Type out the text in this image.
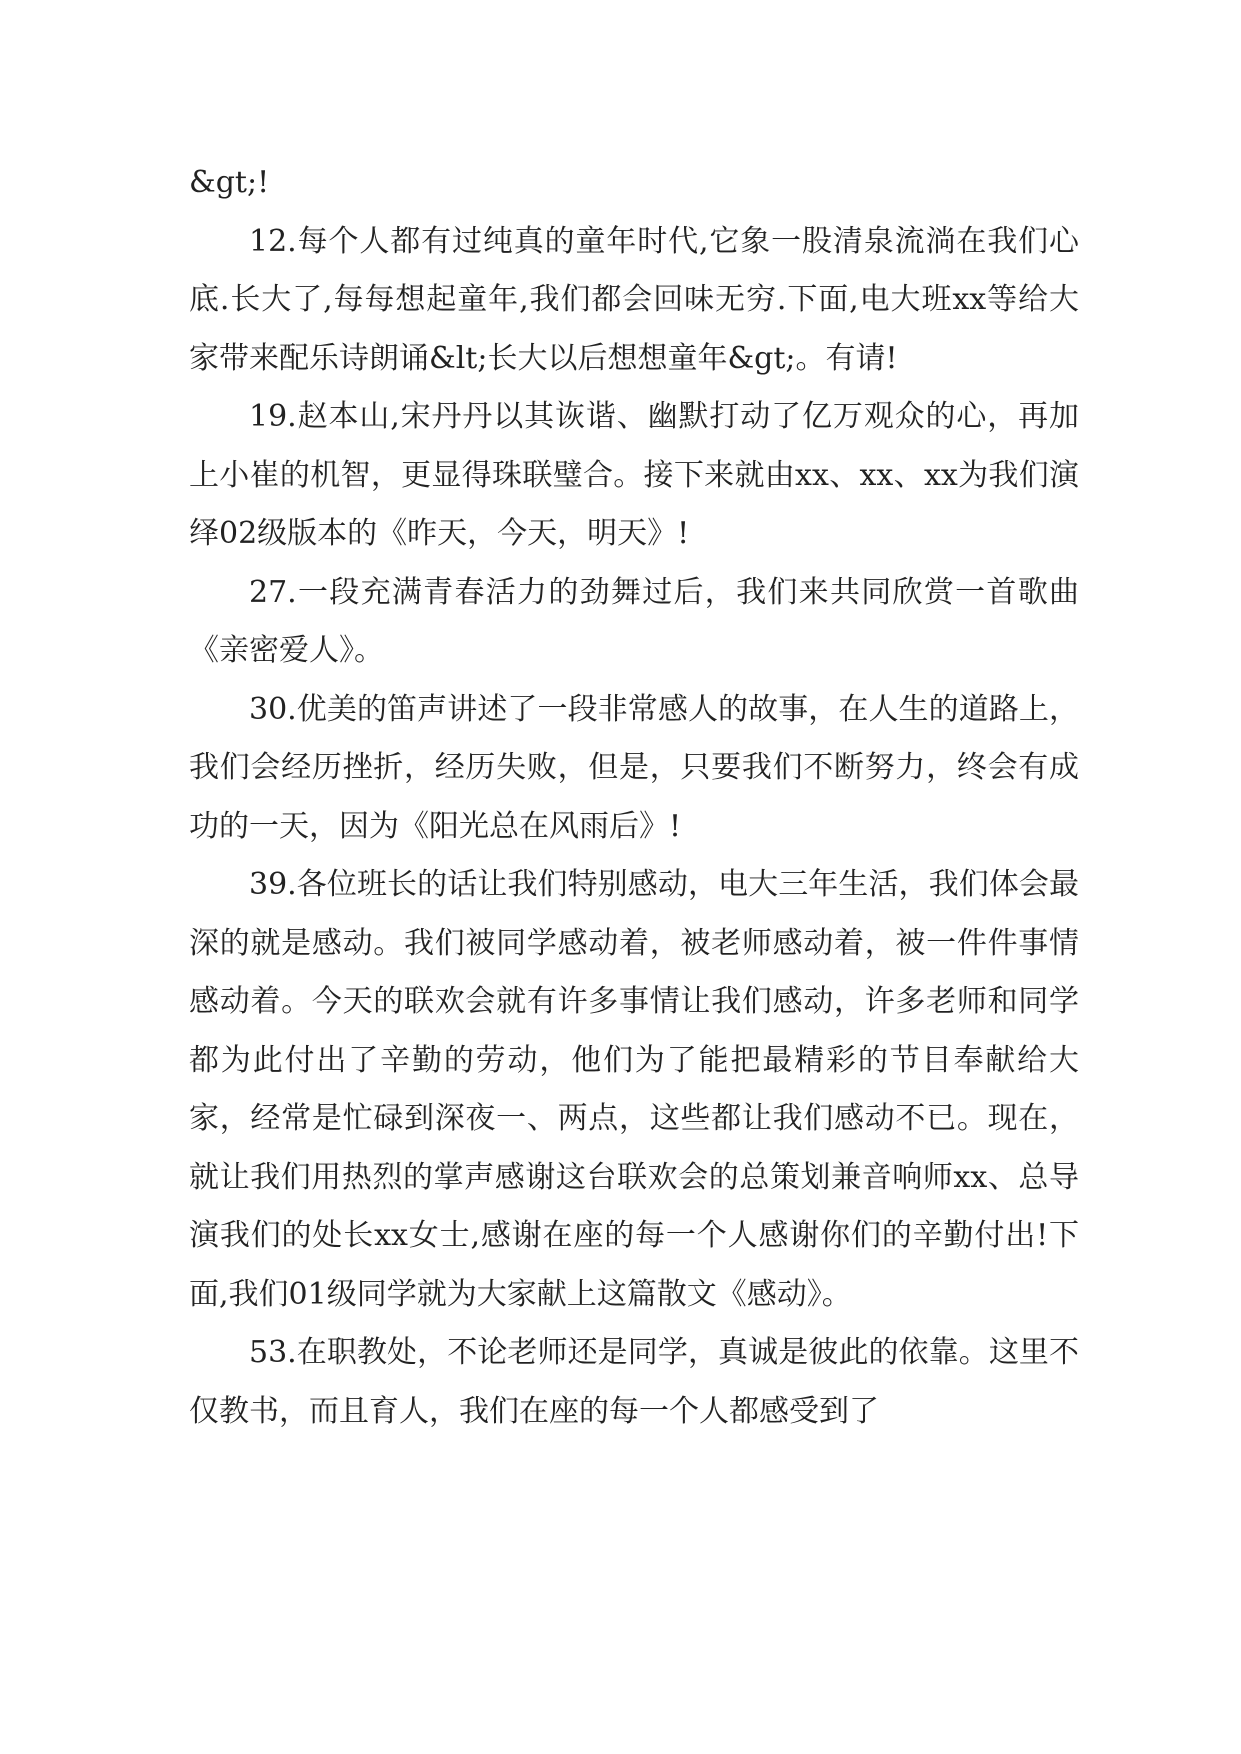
&gt;!

12.每个人都有过纯真的童年时代,它象一股清泉流淌在我们心底.长大了,每每想起童年,我们都会回味无穷.下面,电大班xx等给大家带来配乐诗朗诵&lt;长大以后想想童年&gt;。有请!

19.赵本山,宋丹丹以其诙谐、幽默打动了亿万观众的心，再加上小崔的机智，更显得珠联璧合。接下来就由xx、xx、xx为我们演绎02级版本的《昨天，今天，明天》!

27.一段充满青春活力的劲舞过后，我们来共同欣赏一首歌曲《亲密爱人》。

30.优美的笛声讲述了一段非常感人的故事，在人生的道路上，我们会经历挫折，经历失败，但是，只要我们不断努力，终会有成功的一天，因为《阳光总在风雨后》!

39.各位班长的话让我们特别感动，电大三年生活，我们体会最深的就是感动。我们被同学感动着，被老师感动着，被一件件事情感动着。今天的联欢会就有许多事情让我们感动，许多老师和同学都为此付出了辛勤的劳动，他们为了能把最精彩的节目奉献给大家，经常是忙碌到深夜一、两点，这些都让我们感动不已。现在，就让我们用热烈的掌声感谢这台联欢会的总策划兼音响师xx、总导演我们的处长xx女士,感谢在座的每一个人感谢你们的辛勤付出!下面,我们01级同学就为大家献上这篇散文《感动》。

53.在职教处，不论老师还是同学，真诚是彼此的依靠。这里不仅教书，而且育人，我们在座的每一个人都感受到了
